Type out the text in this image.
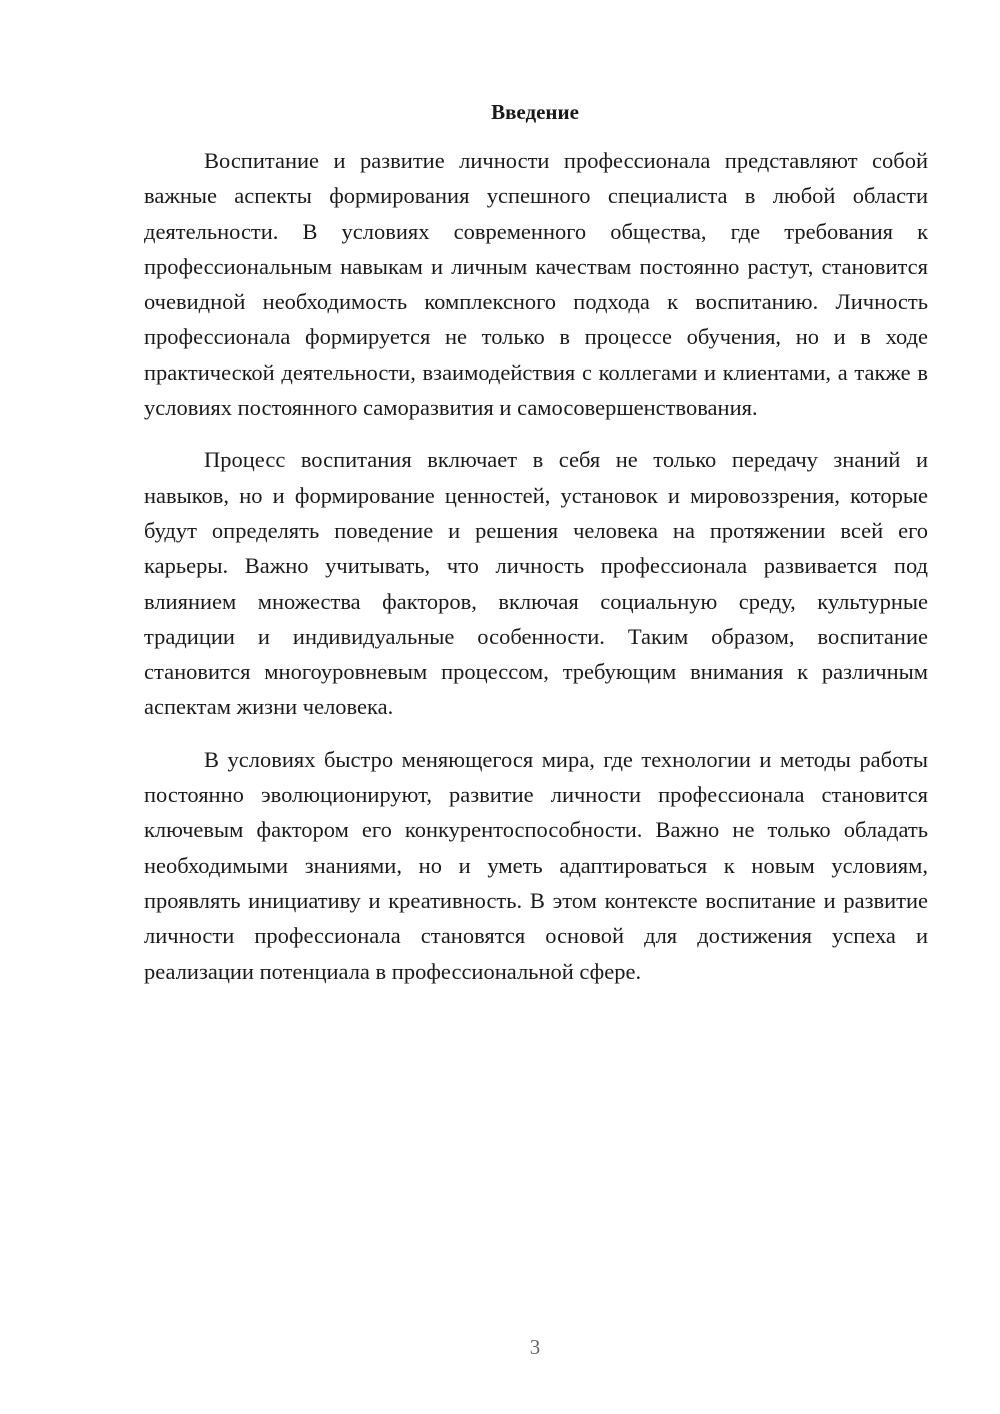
Введение

Воспитание и развитие личности профессионала представляют собой важные аспекты формирования успешного специалиста в любой области деятельности. В условиях современного общества, где требования к профессиональным навыкам и личным качествам постоянно растут, становится очевидной необходимость комплексного подхода к воспитанию. Личность профессионала формируется не только в процессе обучения, но и в ходе практической деятельности, взаимодействия с коллегами и клиентами, а также в условиях постоянного саморазвития и самосовершенствования.

Процесс воспитания включает в себя не только передачу знаний и навыков, но и формирование ценностей, установок и мировоззрения, которые будут определять поведение и решения человека на протяжении всей его карьеры. Важно учитывать, что личность профессионала развивается под влиянием множества факторов, включая социальную среду, культурные традиции и индивидуальные особенности. Таким образом, воспитание становится многоуровневым процессом, требующим внимания к различным аспектам жизни человека.

В условиях быстро меняющегося мира, где технологии и методы работы постоянно эволюционируют, развитие личности профессионала становится ключевым фактором его конкурентоспособности. Важно не только обладать необходимыми знаниями, но и уметь адаптироваться к новым условиям, проявлять инициативу и креативность. В этом контексте воспитание и развитие личности профессионала становятся основой для достижения успеха и реализации потенциала в профессиональной сфере.

3
